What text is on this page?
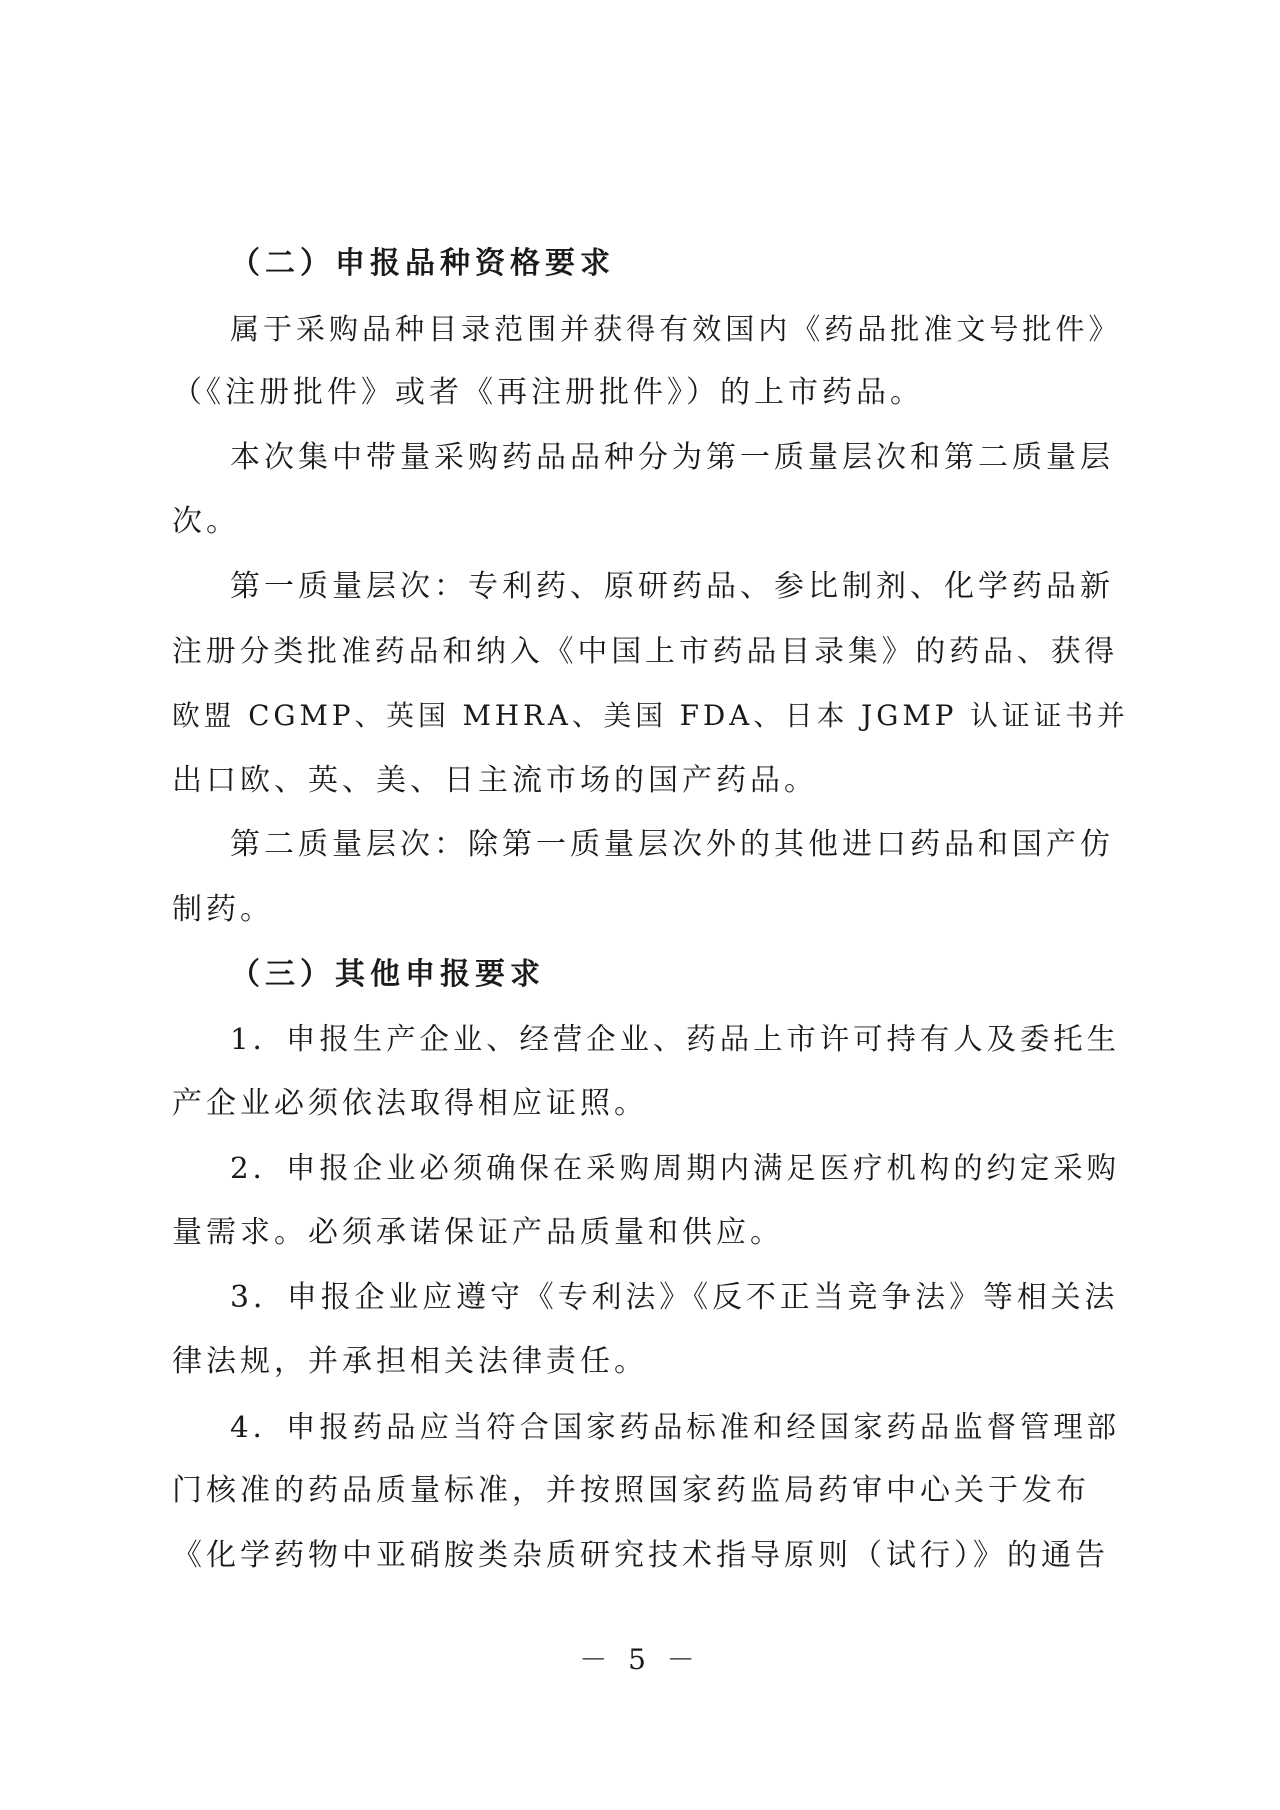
（二）申报品种资格要求
属于采购品种目录范围并获得有效国内《药品批准文号批件》
（《注册批件》或者《再注册批件》）的上市药品。
本次集中带量采购药品品种分为第一质量层次和第二质量层
次。
第一质量层次：专利药、原研药品、参比制剂、化学药品新
注册分类批准药品和纳入《中国上市药品目录集》的药品、获得
欧盟 CGMP、英国 MHRA、美国 FDA、日本 JGMP 认证证书并
出口欧、英、美、日主流市场的国产药品。
第二质量层次：除第一质量层次外的其他进口药品和国产仿
制药。
（三）其他申报要求
1．申报生产企业、经营企业、药品上市许可持有人及委托生
产企业必须依法取得相应证照。
2．申报企业必须确保在采购周期内满足医疗机构的约定采购
量需求。必须承诺保证产品质量和供应。
3．申报企业应遵守《专利法》《反不正当竞争法》等相关法
律法规，并承担相关法律责任。
4．申报药品应当符合国家药品标准和经国家药品监督管理部
门核准的药品质量标准，并按照国家药监局药审中心关于发布
《化学药物中亚硝胺类杂质研究技术指导原则（试行）》的通告
－ 5 －
